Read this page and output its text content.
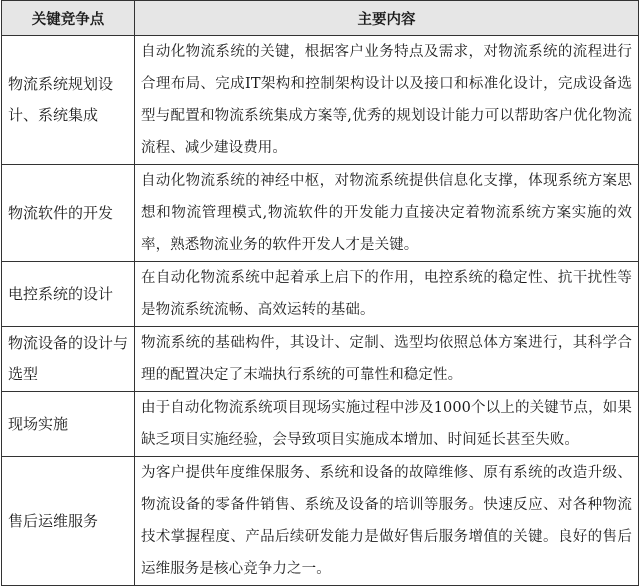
关键竞争点	主要内容
物流系统规划设计、系统集成	自动化物流系统的关键，根据客户业务特点及需求，对物流系统的流程进行合理布局、完成IT架构和控制架构设计以及接口和标准化设计，完成设备选型与配置和物流系统集成方案等,优秀的规划设计能力可以帮助客户优化物流流程、减少建设费用。
物流软件的开发	自动化物流系统的神经中枢，对物流系统提供信息化支撑，体现系统方案思想和物流管理模式,物流软件的开发能力直接决定着物流系统方案实施的效率，熟悉物流业务的软件开发人才是关键。
电控系统的设计	在自动化物流系统中起着承上启下的作用，电控系统的稳定性、抗干扰性等是物流系统流畅、高效运转的基础。
物流设备的设计与选型	物流系统的基础构件，其设计、定制、选型均依照总体方案进行，其科学合理的配置决定了末端执行系统的可靠性和稳定性。
现场实施	由于自动化物流系统项目现场实施过程中涉及1000个以上的关键节点，如果缺乏项目实施经验，会导致项目实施成本增加、时间延长甚至失败。
售后运维服务	为客户提供年度维保服务、系统和设备的故障维修、原有系统的改造升级、物流设备的零备件销售、系统及设备的培训等服务。快速反应、对各种物流技术掌握程度、产品后续研发能力是做好售后服务增值的关键。良好的售后运维服务是核心竞争力之一。
